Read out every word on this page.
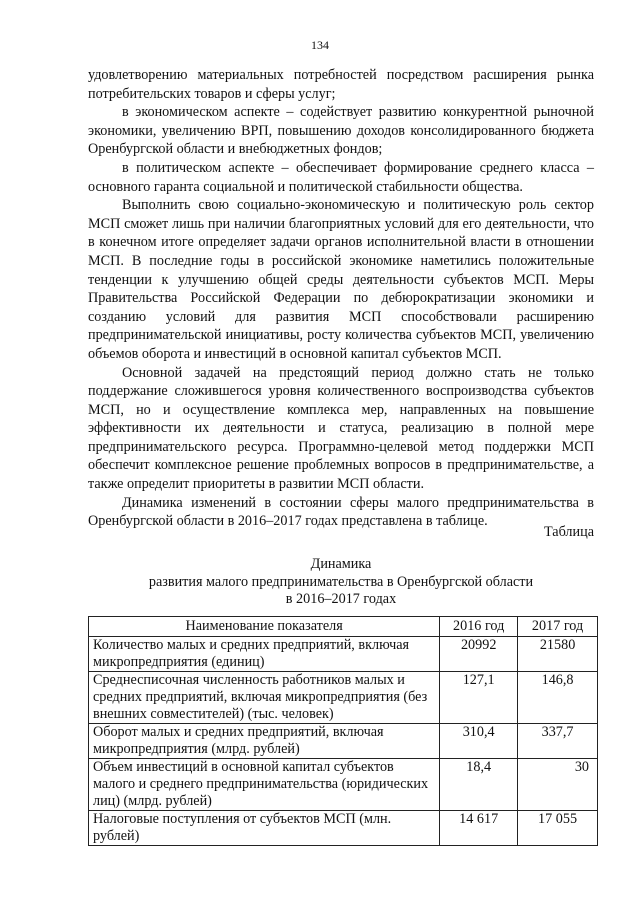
134

удовлетворению материальных потребностей посредством расширения рынка потребительских товаров и сферы услуг;

в экономическом аспекте – содействует развитию конкурентной рыночной экономики, увеличению ВРП, повышению доходов консолидированного бюджета Оренбургской области и внебюджетных фондов;

в политическом аспекте – обеспечивает формирование среднего класса – основного гаранта социальной и политической стабильности общества.

Выполнить свою социально-экономическую и политическую роль сектор МСП сможет лишь при наличии благоприятных условий для его деятельности, что в конечном итоге определяет задачи органов исполнительной власти в отношении МСП. В последние годы в российской экономике наметились положительные тенденции к улучшению общей среды деятельности субъектов МСП. Меры Правительства Российской Федерации по дебюрократизации экономики и созданию условий для развития МСП способствовали расширению предпринимательской инициативы, росту количества субъектов МСП, увеличению объемов оборота и инвестиций в основной капитал субъектов МСП.

Основной задачей на предстоящий период должно стать не только поддержание сложившегося уровня количественного воспроизводства субъектов МСП, но и осуществление комплекса мер, направленных на повышение эффективности их деятельности и статуса, реализацию в полной мере предпринимательского ресурса. Программно-целевой метод поддержки МСП обеспечит комплексное решение проблемных вопросов в предпринимательстве, а также определит приоритеты в развитии МСП области.

Динамика изменений в состоянии сферы малого предпринимательства в Оренбургской области в 2016–2017 годах представлена в таблице.

Таблица
Динамика
развития малого предпринимательства в Оренбургской области
в 2016–2017 годах
Наименование показателя	2016 год	2017 год
Количество малых и средних предприятий, включая микропредприятия (единиц)	20992	21580
Среднесписочная численность работников малых и средних предприятий, включая микропредприятия (без внешних совместителей) (тыс. человек)	127,1	146,8
Оборот малых и средних предприятий, включая микропредприятия (млрд. рублей)	310,4	337,7
Объем инвестиций в основной капитал субъектов малого и среднего предпринимательства (юридических лиц) (млрд. рублей)	18,4	30
Налоговые поступления от субъектов МСП (млн. рублей)	14 617	17 055
